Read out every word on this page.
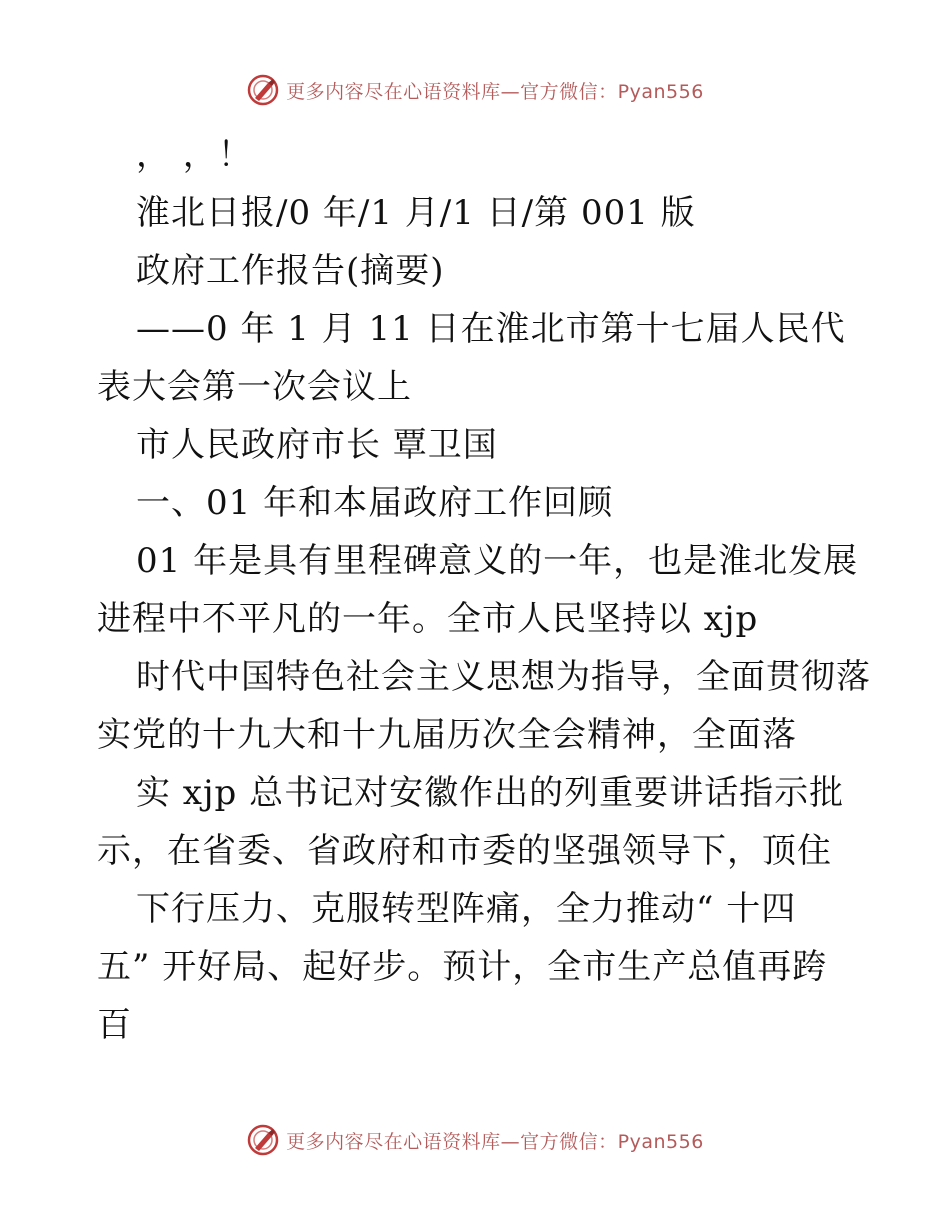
更多内容尽在心语资料库—官方微信：Pyan556
， ，！
淮北日报/0 年/1 月/1 日/第 001 版
政府工作报告(摘要)
——0 年 1 月 11 日在淮北市第十七届人民代
表大会第一次会议上
市人民政府市长 覃卫国
一、01 年和本届政府工作回顾
01 年是具有里程碑意义的一年，也是淮北发展
进程中不平凡的一年。全市人民坚持以 xjp
时代中国特色社会主义思想为指导，全面贯彻落
实党的十九大和十九届历次全会精神，全面落
实 xjp 总书记对安徽作出的列重要讲话指示批
示，在省委、省政府和市委的坚强领导下，顶住
下行压力、克服转型阵痛，全力推动“ 十四
五” 开好局、起好步。预计，全市生产总值再跨
百
更多内容尽在心语资料库—官方微信：Pyan556
